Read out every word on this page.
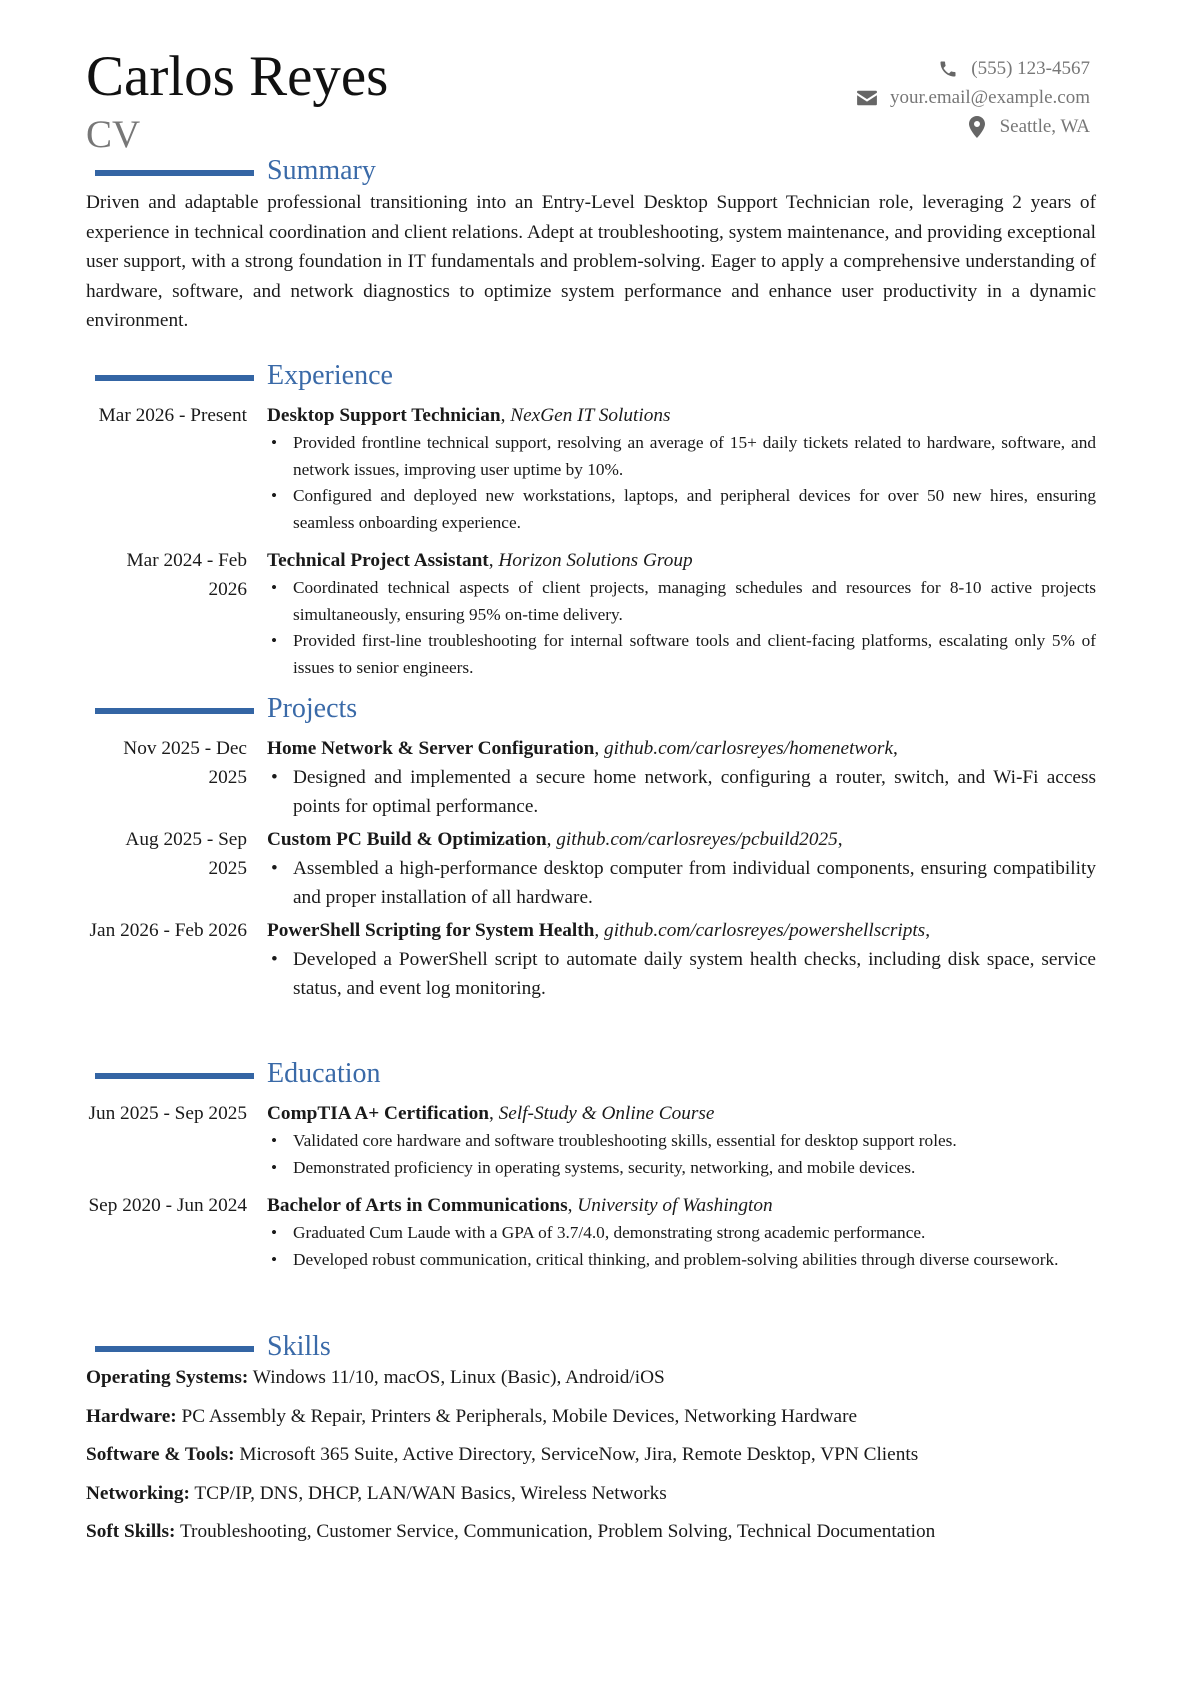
Carlos Reyes
CV
(555) 123-4567
your.email@example.com
Seattle, WA
Summary
Driven and adaptable professional transitioning into an Entry-Level Desktop Support Technician role, leveraging 2 years of experience in technical coordination and client relations. Adept at troubleshooting, system maintenance, and providing exceptional user support, with a strong foundation in IT fundamentals and problem-solving. Eager to apply a comprehensive understanding of hardware, software, and network diagnostics to optimize system performance and enhance user productivity in a dynamic environment.
Experience
Mar 2026 - Present Desktop Support Technician, NexGen IT Solutions
• Provided frontline technical support, resolving an average of 15+ daily tickets related to hardware, software, and network issues, improving user uptime by 10%.
• Configured and deployed new workstations, laptops, and peripheral devices for over 50 new hires, ensuring seamless onboarding experience.
Mar 2024 - Feb 2026
Technical Project Assistant, Horizon Solutions Group
• Coordinated technical aspects of client projects, managing schedules and resources for 8-10 active projects simultaneously, ensuring 95% on-time delivery.
• Provided first-line troubleshooting for internal software tools and client-facing platforms, escalating only 5% of issues to senior engineers.
Projects
Nov 2025 - Dec 2025
Home Network & Server Configuration, github.com/carlosreyes/homenetwork,
• Designed and implemented a secure home network, configuring a router, switch, and Wi-Fi access points for optimal performance.
Aug 2025 - Sep 2025
Custom PC Build & Optimization, github.com/carlosreyes/pcbuild2025,
• Assembled a high-performance desktop computer from individual components, ensuring compatibility and proper installation of all hardware.
Jan 2026 - Feb 2026 PowerShell Scripting for System Health, github.com/carlosreyes/powershellscripts,
• Developed a PowerShell script to automate daily system health checks, including disk space, service status, and event log monitoring.
Education
Jun 2025 - Sep 2025 CompTIA A+ Certification, Self-Study & Online Course
• Validated core hardware and software troubleshooting skills, essential for desktop support roles.
• Demonstrated proficiency in operating systems, security, networking, and mobile devices.
Sep 2020 - Jun 2024 Bachelor of Arts in Communications, University of Washington
• Graduated Cum Laude with a GPA of 3.7/4.0, demonstrating strong academic performance.
• Developed robust communication, critical thinking, and problem-solving abilities through diverse coursework.
Skills
Operating Systems: Windows 11/10, macOS, Linux (Basic), Android/iOS
Hardware: PC Assembly & Repair, Printers & Peripherals, Mobile Devices, Networking Hardware
Software & Tools: Microsoft 365 Suite, Active Directory, ServiceNow, Jira, Remote Desktop, VPN Clients
Networking: TCP/IP, DNS, DHCP, LAN/WAN Basics, Wireless Networks
Soft Skills: Troubleshooting, Customer Service, Communication, Problem Solving, Technical Documentation
